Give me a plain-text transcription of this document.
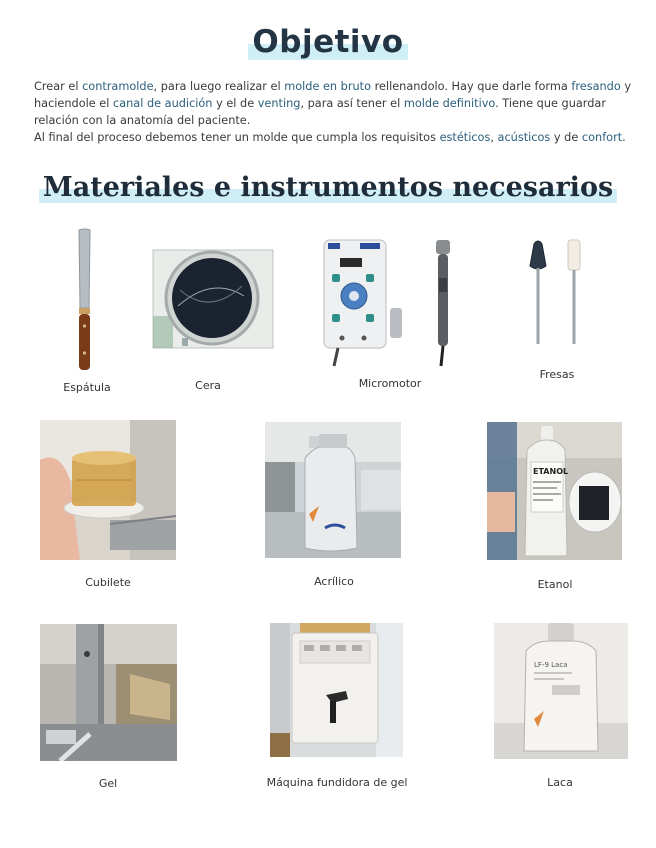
Objetivo
Crear el contramolde, para luego realizar el molde en bruto rellenandolo. Hay que darle forma fresando y haciendole el canal de audición y el de venting, para así tener el molde definitivo. Tiene que guardar relación con la anatomía del paciente.
Al final del proceso debemos tener un molde que cumpla los requisitos estéticos, acústicos y de confort.
Materiales e instrumentos necesarios
Espátula	Cera	Micromotor
Fresas
Cubilete	Acrílico
ETANOL
Etanol
Gel	Máquina fundidora de gel
LF-9 Laca
Laca
